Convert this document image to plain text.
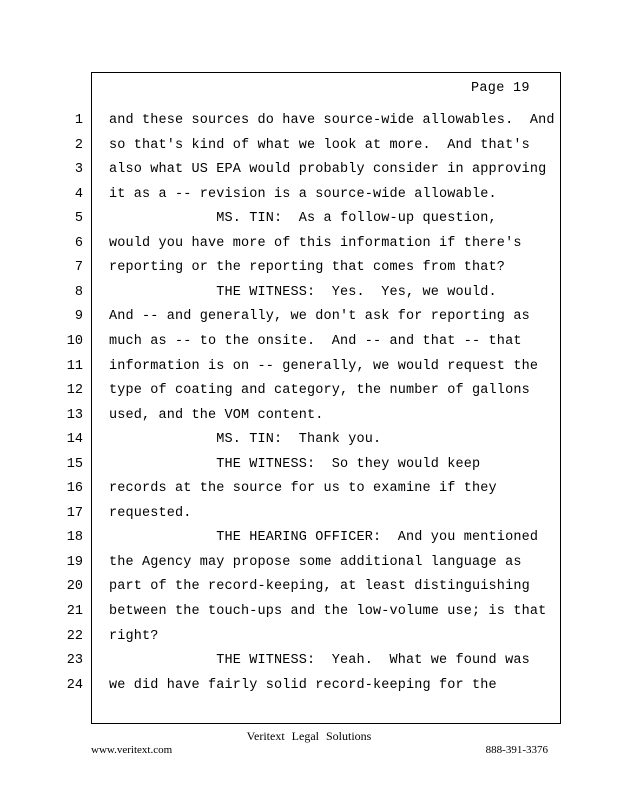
Page 19
1 and these sources do have source-wide allowables.  And
2 so that's kind of what we look at more.  And that's
3 also what US EPA would probably consider in approving
4 it as a -- revision is a source-wide allowable.
5 MS. TIN:  As a follow-up question,
6 would you have more of this information if there's
7 reporting or the reporting that comes from that?
8 THE WITNESS:  Yes.  Yes, we would.
9 And -- and generally, we don't ask for reporting as
10 much as -- to the onsite.  And -- and that -- that
11 information is on -- generally, we would request the
12 type of coating and category, the number of gallons
13 used, and the VOM content.
14 MS. TIN:  Thank you.
15 THE WITNESS:  So they would keep
16 records at the source for us to examine if they
17 requested.
18 THE HEARING OFFICER:  And you mentioned
19 the Agency may propose some additional language as
20 part of the record-keeping, at least distinguishing
21 between the touch-ups and the low-volume use; is that
22 right?
23 THE WITNESS:  Yeah.  What we found was
24 we did have fairly solid record-keeping for the
Veritext Legal Solutions
www.veritext.com	888-391-3376
